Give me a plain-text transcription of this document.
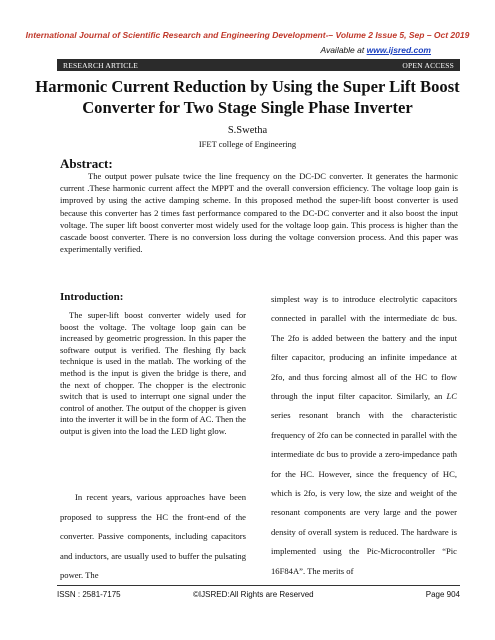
International Journal of Scientific Research and Engineering Development-– Volume 2 Issue 5, Sep – Oct 2019
Available at www.ijsred.com
RESEARCH ARTICLE	OPEN ACCESS
Harmonic Current Reduction by Using the Super Lift Boost Converter for Two Stage Single Phase Inverter
S.Swetha
IFET college of Engineering
Abstract:

The output power pulsate twice the line frequency on the DC-DC converter. It generates the harmonic current .These harmonic current affect the MPPT and the overall conversion efficiency. The voltage loop gain is improved by using the active damping scheme. In this proposed method the super-lift boost converter is used because this converter has 2 times fast performance compared to the DC-DC converter and it also boost the input voltage. The super lift boost converter most widely used for the voltage loop gain. This process is higher than the cascade boost converter. There is no conversion loss during the voltage conversion process. And this paper was experimentally verified.

Introduction:

The super-lift boost converter widely used for boost the voltage. The voltage loop gain can be increased by geometric progression. In this paper the software output is verified. The fleshing fly back technique is used in the matlab. The working of the method is the input is given the bridge is there, and the next of chopper. The chopper is the electronic switch that is used to interrupt one signal under the control of another. The output of the chopper is given into the inverter it will be in the form of AC. Then the output is given into the load the LED light glow.

In recent years, various approaches have been proposed to suppress the HC the front-end of the converter. Passive components, including capacitors and inductors, are usually used to buffer the pulsating power. The

simplest way is to introduce electrolytic capacitors connected in parallel with the intermediate dc bus. The 2fo is added between the battery and the input filter capacitor, producing an infinite impedance at 2fo, and thus forcing almost all of the HC to flow through the input filter capacitor. Similarly, an LC series resonant branch with the characteristic frequency of 2fo can be connected in parallel with the intermediate dc bus to provide a zero-impedance path for the HC. However, since the frequency of HC, which is 2fo, is very low, the size and weight of the resonant components are very large and the power density of overall system is reduced. The hardware is implemented using the Pic-Microcontroller “Pic 16F84A”. The merits of

ISSN : 2581-7175	©IJSRED:All Rights are Reserved	Page 904
